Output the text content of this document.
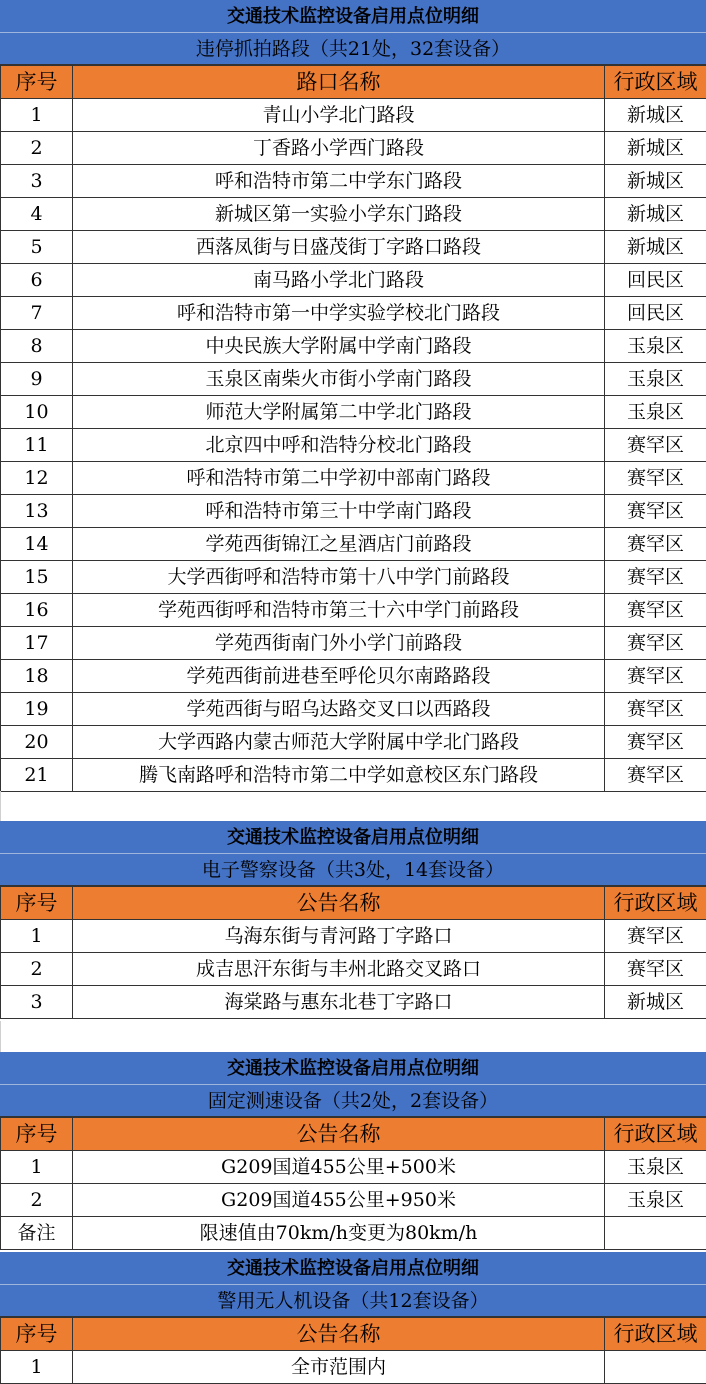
交通技术监控设备启用点位明细
违停抓拍路段（共21处，32套设备）
序号	路口名称	行政区域
1	青山小学北门路段	新城区
2	丁香路小学西门路段	新城区
3	呼和浩特市第二中学东门路段	新城区
4	新城区第一实验小学东门路段	新城区
5	西落凤街与日盛茂街丁字路口路段	新城区
6	南马路小学北门路段	回民区
7	呼和浩特市第一中学实验学校北门路段	回民区
8	中央民族大学附属中学南门路段	玉泉区
9	玉泉区南柴火市街小学南门路段	玉泉区
10	师范大学附属第二中学北门路段	玉泉区
11	北京四中呼和浩特分校北门路段	赛罕区
12	呼和浩特市第二中学初中部南门路段	赛罕区
13	呼和浩特市第三十中学南门路段	赛罕区
14	学苑西街锦江之星酒店门前路段	赛罕区
15	大学西街呼和浩特市第十八中学门前路段	赛罕区
16	学苑西街呼和浩特市第三十六中学门前路段	赛罕区
17	学苑西街南门外小学门前路段	赛罕区
18	学苑西街前进巷至呼伦贝尔南路路段	赛罕区
19	学苑西街与昭乌达路交叉口以西路段	赛罕区
20	大学西路内蒙古师范大学附属中学北门路段	赛罕区
21	腾飞南路呼和浩特市第二中学如意校区东门路段	赛罕区
交通技术监控设备启用点位明细
电子警察设备（共3处，14套设备）
序号	公告名称	行政区域
1	乌海东街与青河路丁字路口	赛罕区
2	成吉思汗东街与丰州北路交叉路口	赛罕区
3	海棠路与惠东北巷丁字路口	新城区
交通技术监控设备启用点位明细
固定测速设备（共2处，2套设备）
序号	公告名称	行政区域
1	G209国道455公里+500米	玉泉区
2	G209国道455公里+950米	玉泉区
备注	限速值由70km/h变更为80km/h	
交通技术监控设备启用点位明细
警用无人机设备（共12套设备）
序号	公告名称	行政区域
1	全市范围内	
